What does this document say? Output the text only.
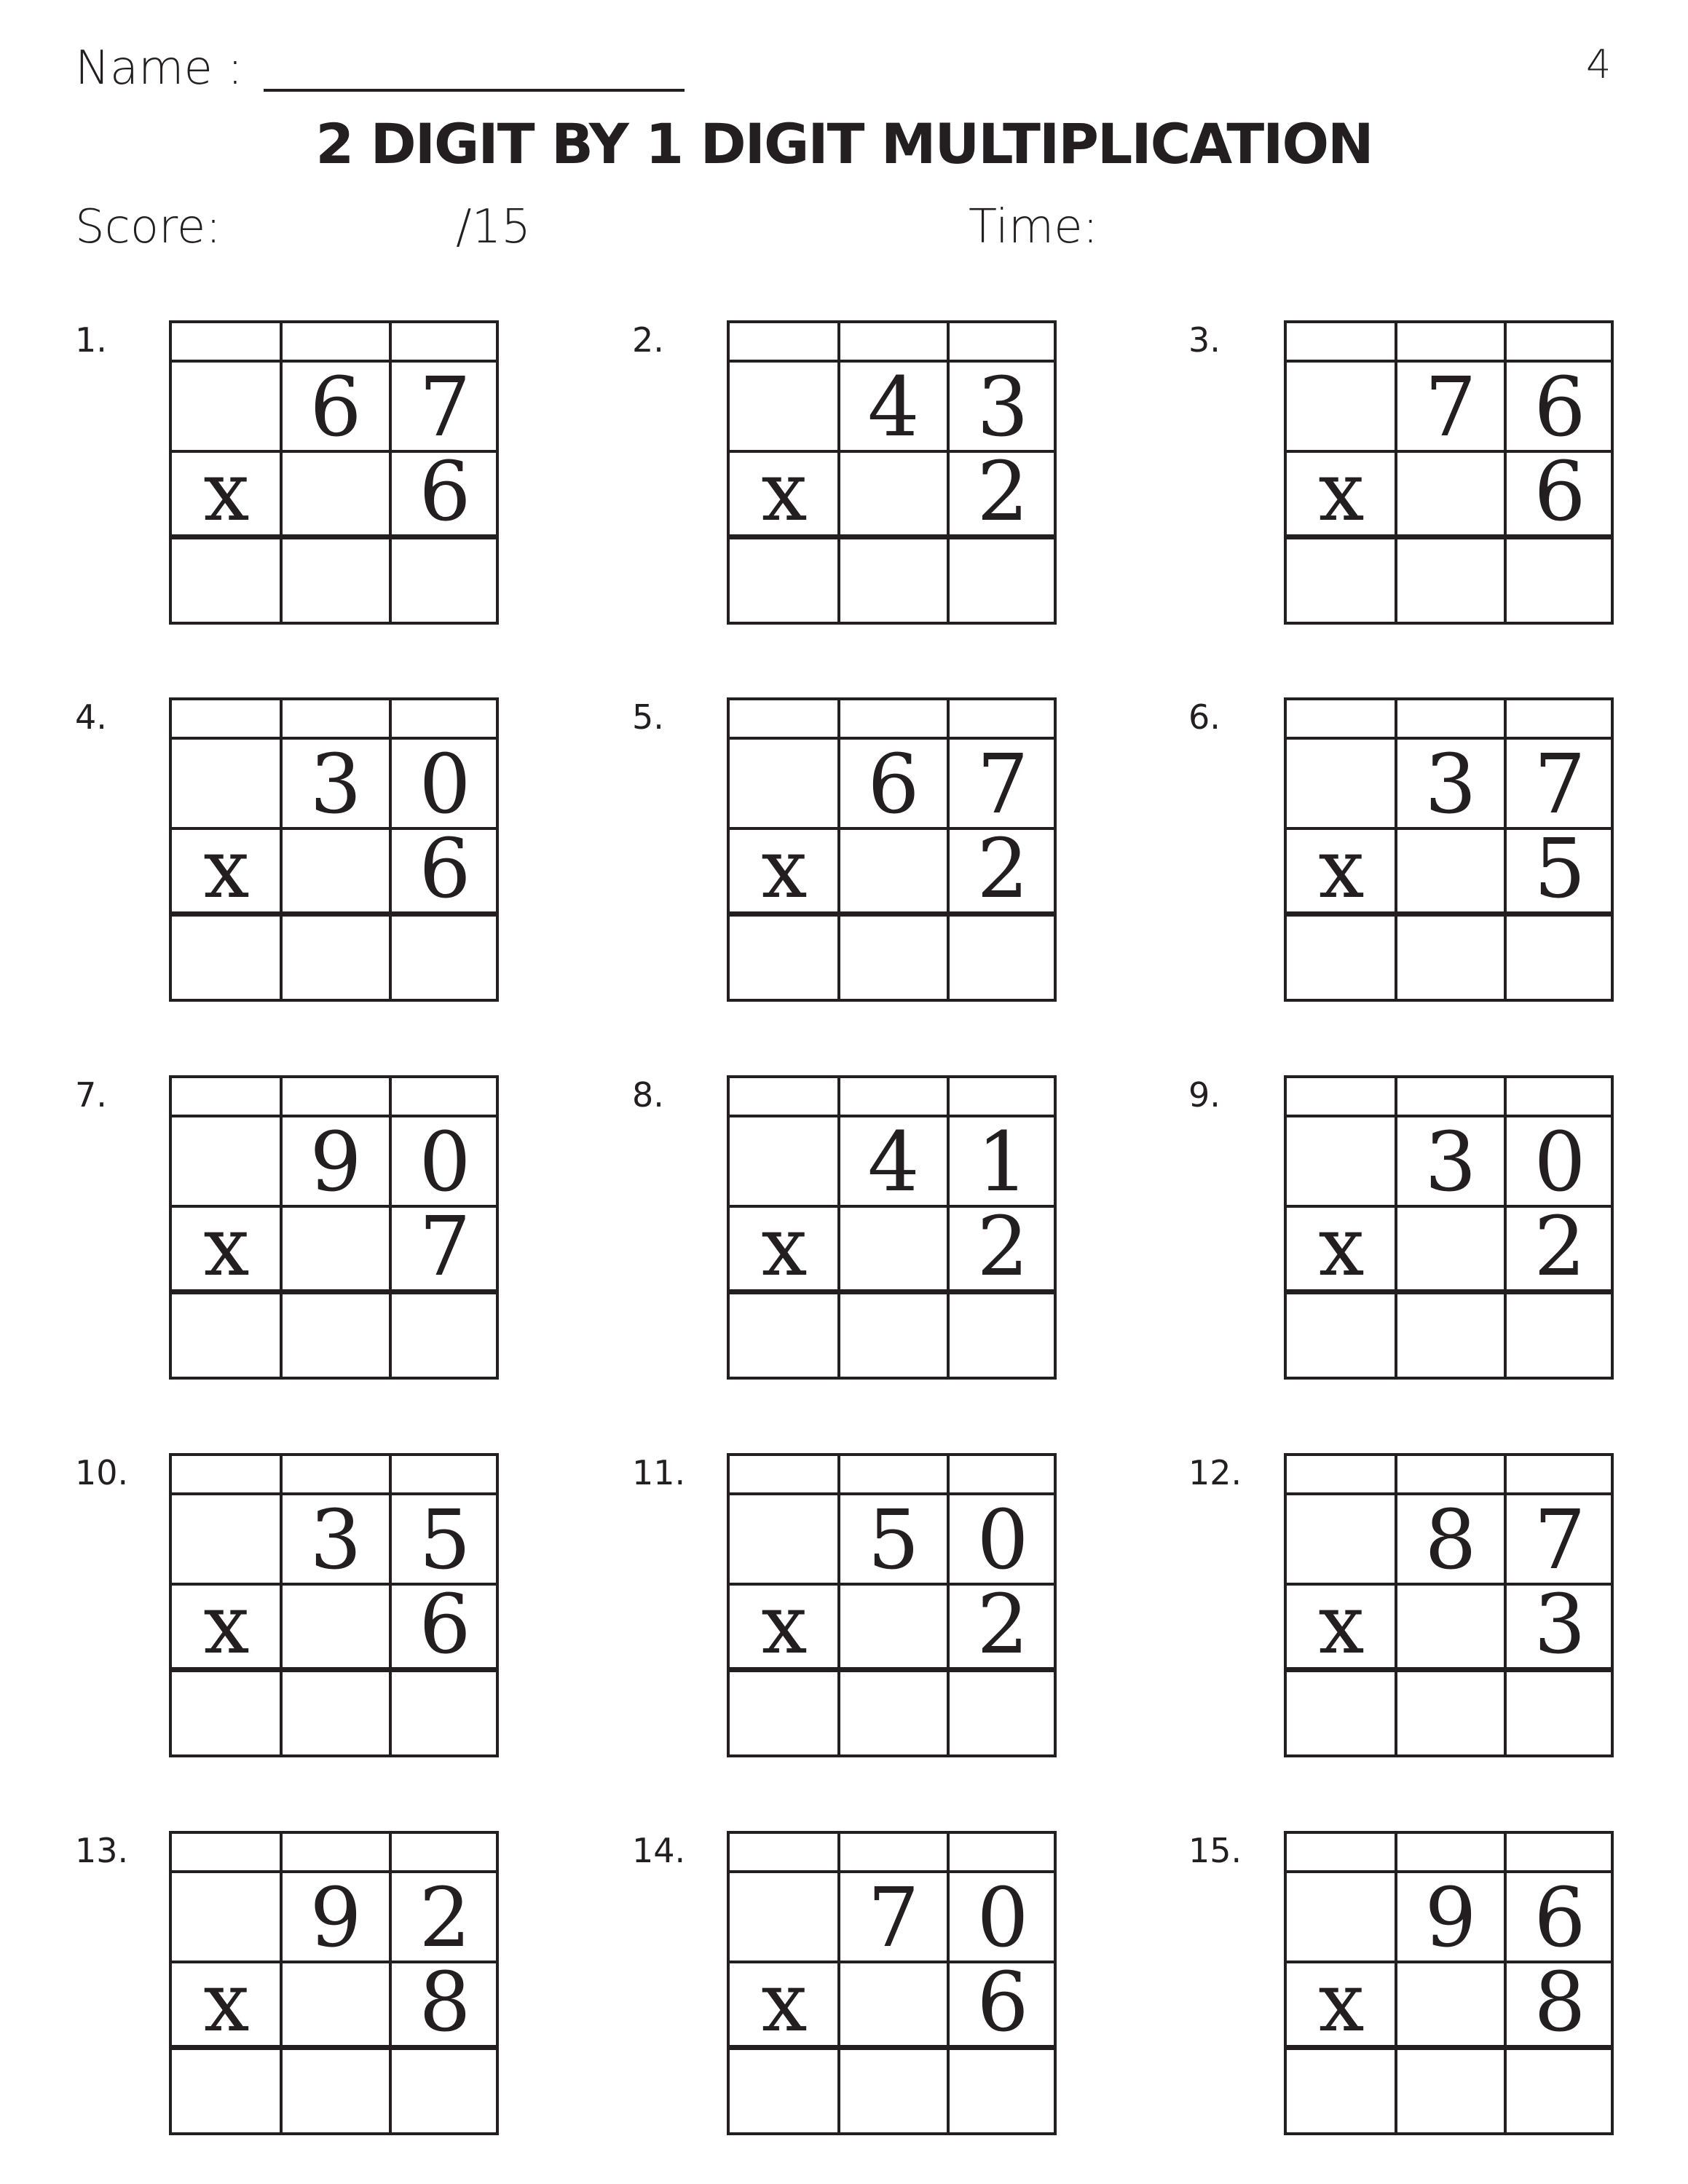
Name :	4
2 DIGIT BY 1 DIGIT MULTIPLICATION
Score:	/15	Time:
1.
6 7
x	6
2.
4 3
x	2
3.
7 6
x	6
4.
3 0
x	6
5.
6 7
x	2
6.
3 7
x	5
7.
9 0
x	7
8.
4 1
x	2
9.
3 0
x	2
10.
3 5
x	6
11.
5 0
x	2
12.
8 7
x	3
13.
9 2
x	8
14.
7 0
x	6
15.
9 6
x	8
